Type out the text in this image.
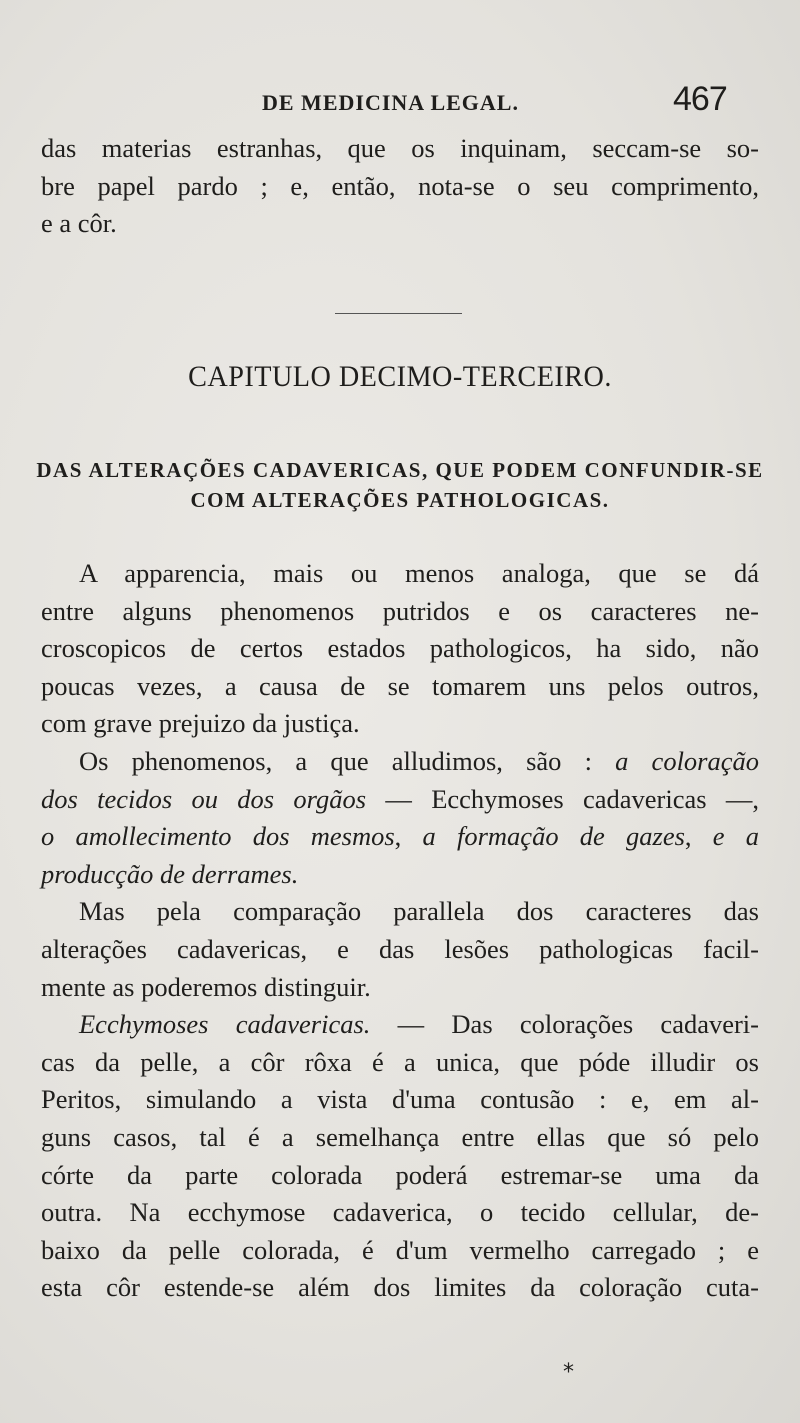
DE MEDICINA LEGAL.	467
das materias estranhas, que os inquinam, seccam-se so-
bre papel pardo ; e, então, nota-se o seu comprimento,
e a côr.
CAPITULO DECIMO-TERCEIRO.
DAS ALTERAÇÕES CADAVERICAS, QUE PODEM CONFUNDIR-SE
COM ALTERAÇÕES PATHOLOGICAS.
A apparencia, mais ou menos analoga, que se dá
entre alguns phenomenos putridos e os caracteres ne-
croscopicos de certos estados pathologicos, ha sido, não
poucas vezes, a causa de se tomarem uns pelos outros,
com grave prejuizo da justiça.
Os phenomenos, a que alludimos, são : a coloração
dos tecidos ou dos orgãos — Ecchymoses cadavericas —,
o amollecimento dos mesmos, a formação de gazes, e a
producção de derrames.
Mas pela comparação parallela dos caracteres das
alterações cadavericas, e das lesões pathologicas facil-
mente as poderemos distinguir.
Ecchymoses cadavericas. — Das colorações cadaveri-
cas da pelle, a côr rôxa é a unica, que póde illudir os
Peritos, simulando a vista d'uma contusão : e, em al-
guns casos, tal é a semelhança entre ellas que só pelo
córte da parte colorada poderá estremar-se uma da
outra. Na ecchymose cadaverica, o tecido cellular, de-
baixo da pelle colorada, é d'um vermelho carregado ; e
esta côr estende-se além dos limites da coloração cuta-
*
